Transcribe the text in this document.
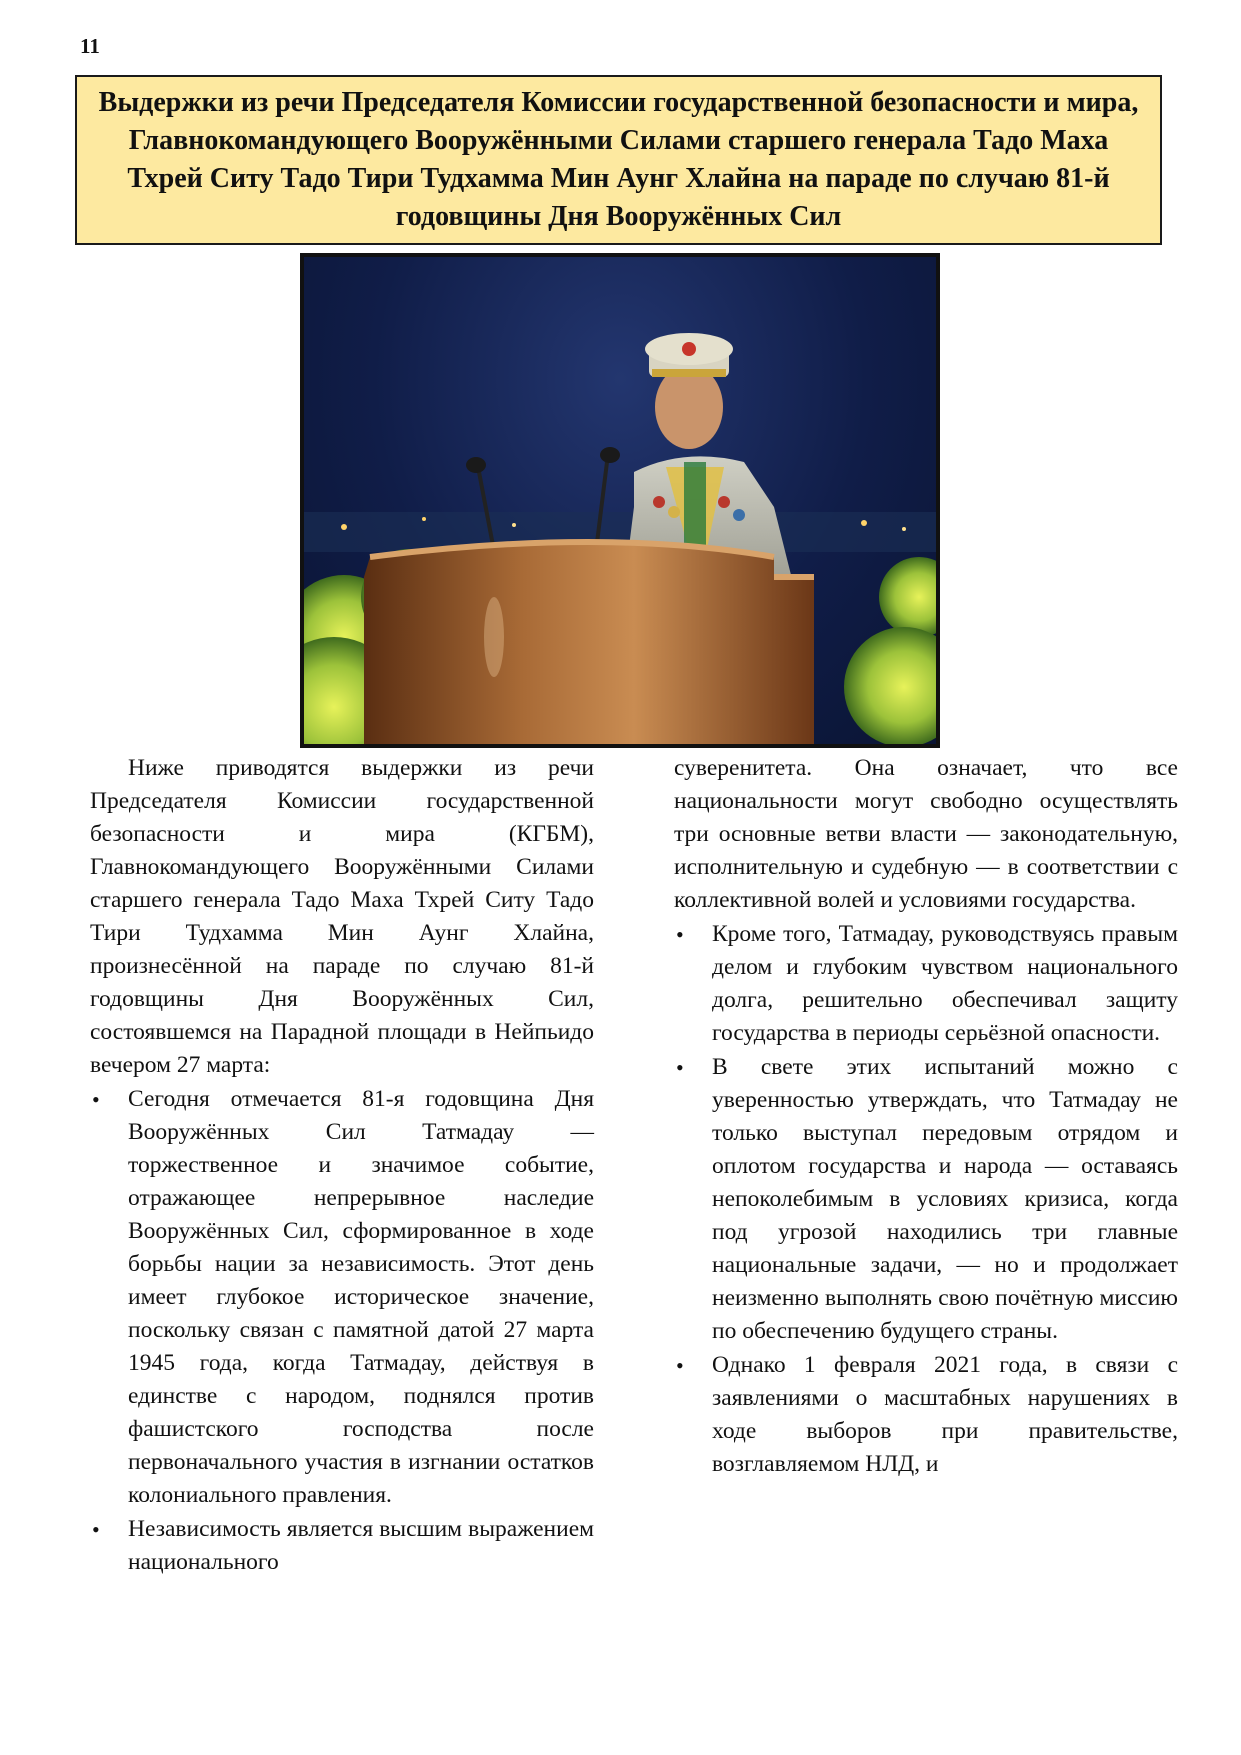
11
Выдержки из речи Председателя Комиссии государственной безопасности и мира, Главнокомандующего Вооружёнными Силами старшего генерала Тадо Маха Тхрей Ситу Тадо Тири Тудхамма Мин Аунг Хлайна на параде по случаю 81-й годовщины Дня Вооружённых Сил

Ниже приводятся выдержки из речи Председателя Комиссии государственной безопасности и мира (КГБМ), Главнокомандующего Вооружёнными Силами старшего генерала Тадо Маха Тхрей Ситу Тадо Тири Тудхамма Мин Аунг Хлайна, произнесённой на параде по случаю 81-й годовщины Дня Вооружённых Сил, состоявшемся на Парадной площади в Нейпьидо вечером 27 марта:

• Сегодня отмечается 81-я годовщина Дня Вооружённых Сил Татмадау — торжественное и значимое событие, отражающее непрерывное наследие Вооружённых Сил, сформированное в ходе борьбы нации за независимость. Этот день имеет глубокое историческое значение, поскольку связан с памятной датой 27 марта 1945 года, когда Татмадау, действуя в единстве с народом, поднялся против фашистского господства после первоначального участия в изгнании остатков колониального правления.
• Независимость является высшим выражением национального

суверенитета. Она означает, что все национальности могут свободно осуществлять три основные ветви власти — законодательную, исполнительную и судебную — в соответствии с коллективной волей и условиями государства.

• Кроме того, Татмадау, руководствуясь правым делом и глубоким чувством национального долга, решительно обеспечивал защиту государства в периоды серьёзной опасности.
• В свете этих испытаний можно с уверенностью утверждать, что Татмадау не только выступал передовым отрядом и оплотом государства и народа — оставаясь непоколебимым в условиях кризиса, когда под угрозой находились три главные национальные задачи, — но и продолжает неизменно выполнять свою почётную миссию по обеспечению будущего страны.
• Однако 1 февраля 2021 года, в связи с заявлениями о масштабных нарушениях в ходе выборов при правительстве, возглавляемом НЛД, и
